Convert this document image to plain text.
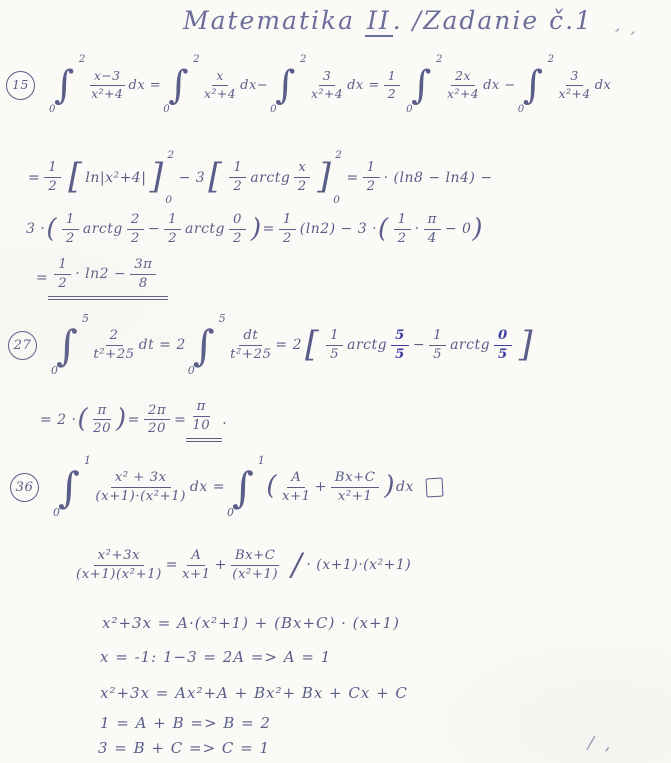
Matematika II. /Zadanie č.1 , ,
∕ ,
15 ∫
2
0
$\frac{x-3}{\text{x²+4}}$ dx = ∫
2
0
$\frac{x}{\text{x²+4}} dx-$ ∫
2
0
$\frac{3}{\text{x²+4}}$ dx = $\frac{1}{2}$ ∫
2
0
$\frac{2x}{\text{x²+4}}$ dx − ∫
2
0
$\frac{3}{\text{x²+4}}$ dx
= $\frac{1}{2}$ [ ln|x²+4| ]
2
0
− 3 [ $\frac{1}{2}$ arctg $\frac{x}{2}$ ]
2
0
= $\frac{1}{2} \cdot (\ln 8 - \ln 4)$ −
3 · ( $\frac{1}{2}$ arctg $\frac{2}{2} - \frac{1}{2}$ arctg $\frac{0}{2}$ ) = $\frac{1}{2} (\ln 2) - 3$ · ( $\frac{1}{2} \cdot \frac{\pi}{4} - 0$ )
= $\frac{1}{2} \cdot \ln 2 - \frac{3\pi}{8}$
27 ∫
5
0
$\frac{2}{\text{t²+25}}$ dt = 2 ∫
5
0
$\frac{dt}{\text{t²+25}} = 2$ [ $\frac{1}{5}$ arctg $\frac{5}{5} - \frac{1}{5}$ arctg $\frac{0}{5}$ ]
= 2 · ( $\frac{\pi}{20}$ ) = $\frac{2\pi}{20} = \frac{\pi}{10}$ .
36 ∫
1
0
$\frac{\text{x² + 3x}}{\text{(x+1)·(x²+1)}}$ dx = ∫
1
0
( $\frac{A}{x+1} + \frac{Bx+C}{\text{x²+1}}$ ) dx
$\frac{\text{x²+3x}}{\text{(x+1)(x²+1)}} = \frac{A}{x+1} + \frac{Bx+C}{\text{(x²+1)}}$ / · (x+1)·(x²+1)
x²+3x = A·(x²+1) + (Bx+C) · (x+1)
x = -1: 1−3 = 2A => A = 1
x²+3x = Ax²+A + Bx²+ Bx + Cx + C
1 = A + B => B = 2
3 = B + C => C = 1
